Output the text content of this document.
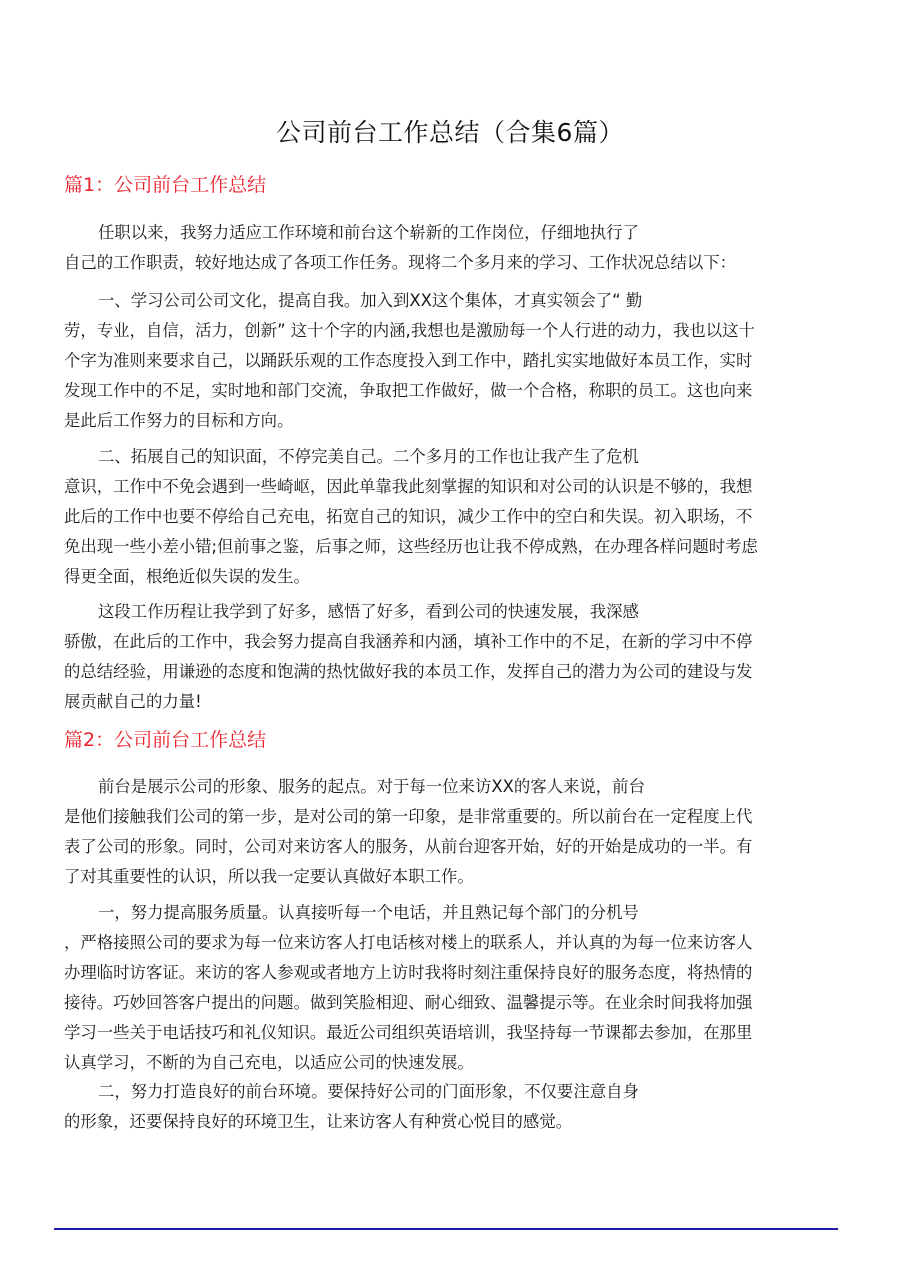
公司前台工作总结（合集6篇）
篇1：公司前台工作总结
任职以来，我努力适应工作环境和前台这个崭新的工作岗位，仔细地执行了
自己的工作职责，较好地达成了各项工作任务。现将二个多月来的学习、工作状况总结以下：
一、学习公司公司文化，提高自我。加入到XX这个集体，才真实领会了“ 勤
劳，专业，自信，活力，创新” 这十个字的内涵,我想也是激励每一个人行进的动力，我也以这十
个字为准则来要求自己，以踊跃乐观的工作态度投入到工作中，踏扎实实地做好本员工作，实时
发现工作中的不足，实时地和部门交流，争取把工作做好，做一个合格，称职的员工。这也向来
是此后工作努力的目标和方向。
二、拓展自己的知识面，不停完美自己。二个多月的工作也让我产生了危机
意识，工作中不免会遇到一些崎岖，因此单靠我此刻掌握的知识和对公司的认识是不够的，我想
此后的工作中也要不停给自己充电，拓宽自己的知识，减少工作中的空白和失误。初入职场，不
免出现一些小差小错;但前事之鉴，后事之师，这些经历也让我不停成熟，在办理各样问题时考虑
得更全面，根绝近似失误的发生。
这段工作历程让我学到了好多，感悟了好多，看到公司的快速发展，我深感
骄傲，在此后的工作中，我会努力提高自我涵养和内涵，填补工作中的不足，在新的学习中不停
的总结经验，用谦逊的态度和饱满的热忱做好我的本员工作，发挥自己的潜力为公司的建设与发
展贡献自己的力量!
篇2：公司前台工作总结
前台是展示公司的形象、服务的起点。对于每一位来访XX的客人来说，前台
是他们接触我们公司的第一步，是对公司的第一印象，是非常重要的。所以前台在一定程度上代
表了公司的形象。同时，公司对来访客人的服务，从前台迎客开始，好的开始是成功的一半。有
了对其重要性的认识，所以我一定要认真做好本职工作。
一，努力提高服务质量。认真接听每一个电话，并且熟记每个部门的分机号
，严格接照公司的要求为每一位来访客人打电话核对楼上的联系人，并认真的为每一位来访客人
办理临时访客证。来访的客人参观或者地方上访时我将时刻注重保持良好的服务态度，将热情的
接待。巧妙回答客户提出的问题。做到笑脸相迎、耐心细致、温馨提示等。在业余时间我将加强
学习一些关于电话技巧和礼仪知识。最近公司组织英语培训，我坚持每一节课都去参加，在那里
认真学习，不断的为自己充电，以适应公司的快速发展。
二，努力打造良好的前台环境。要保持好公司的门面形象，不仅要注意自身
的形象，还要保持良好的环境卫生，让来访客人有种赏心悦目的感觉。
